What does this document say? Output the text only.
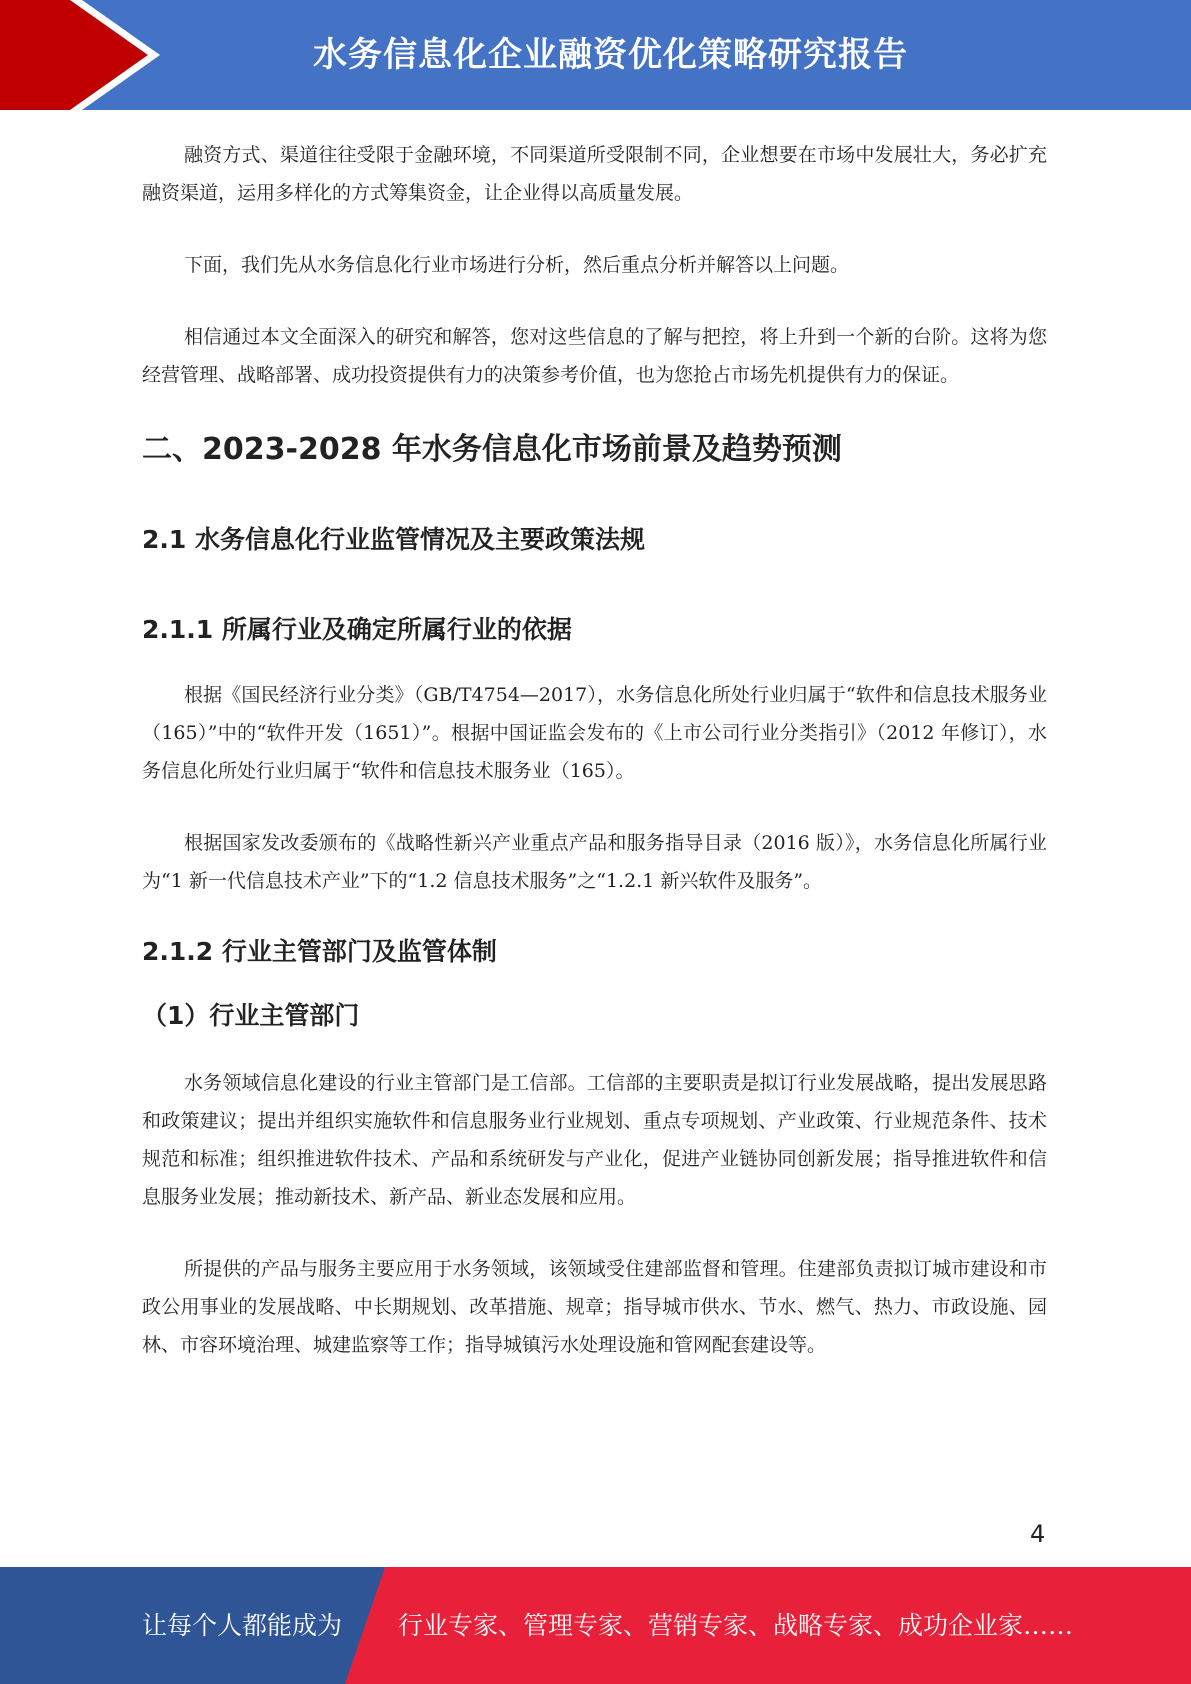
水务信息化企业融资优化策略研究报告

融资方式、渠道往往受限于金融环境，不同渠道所受限制不同，企业想要在市场中发展壮大，务必扩充融资渠道，运用多样化的方式筹集资金，让企业得以高质量发展。

下面，我们先从水务信息化行业市场进行分析，然后重点分析并解答以上问题。

相信通过本文全面深入的研究和解答，您对这些信息的了解与把控，将上升到一个新的台阶。这将为您经营管理、战略部署、成功投资提供有力的决策参考价值，也为您抢占市场先机提供有力的保证。

二、2023-2028 年水务信息化市场前景及趋势预测
2.1 水务信息化行业监管情况及主要政策法规
2.1.1 所属行业及确定所属行业的依据

根据《国民经济行业分类》（GB/T4754—2017），水务信息化所处行业归属于“软件和信息技术服务业（165）”中的“软件开发（1651）”。根据中国证监会发布的《上市公司行业分类指引》（2012 年修订），水务信息化所处行业归属于“软件和信息技术服务业（165）。

根据国家发改委颁布的《战略性新兴产业重点产品和服务指导目录（2016 版）》，水务信息化所属行业为“1 新一代信息技术产业”下的“1.2 信息技术服务”之“1.2.1 新兴软件及服务”。

2.1.2 行业主管部门及监管体制
（1）行业主管部门

水务领域信息化建设的行业主管部门是工信部。工信部的主要职责是拟订行业发展战略，提出发展思路和政策建议；提出并组织实施软件和信息服务业行业规划、重点专项规划、产业政策、行业规范条件、技术规范和标准；组织推进软件技术、产品和系统研发与产业化，促进产业链协同创新发展；指导推进软件和信息服务业发展；推动新技术、新产品、新业态发展和应用。

所提供的产品与服务主要应用于水务领域，该领域受住建部监督和管理。住建部负责拟订城市建设和市政公用事业的发展战略、中长期规划、改革措施、规章；指导城市供水、节水、燃气、热力、市政设施、园林、市容环境治理、城建监察等工作；指导城镇污水处理设施和管网配套建设等。

4
让每个人都能成为 行业专家、管理专家、营销专家、战略专家、成功企业家……
